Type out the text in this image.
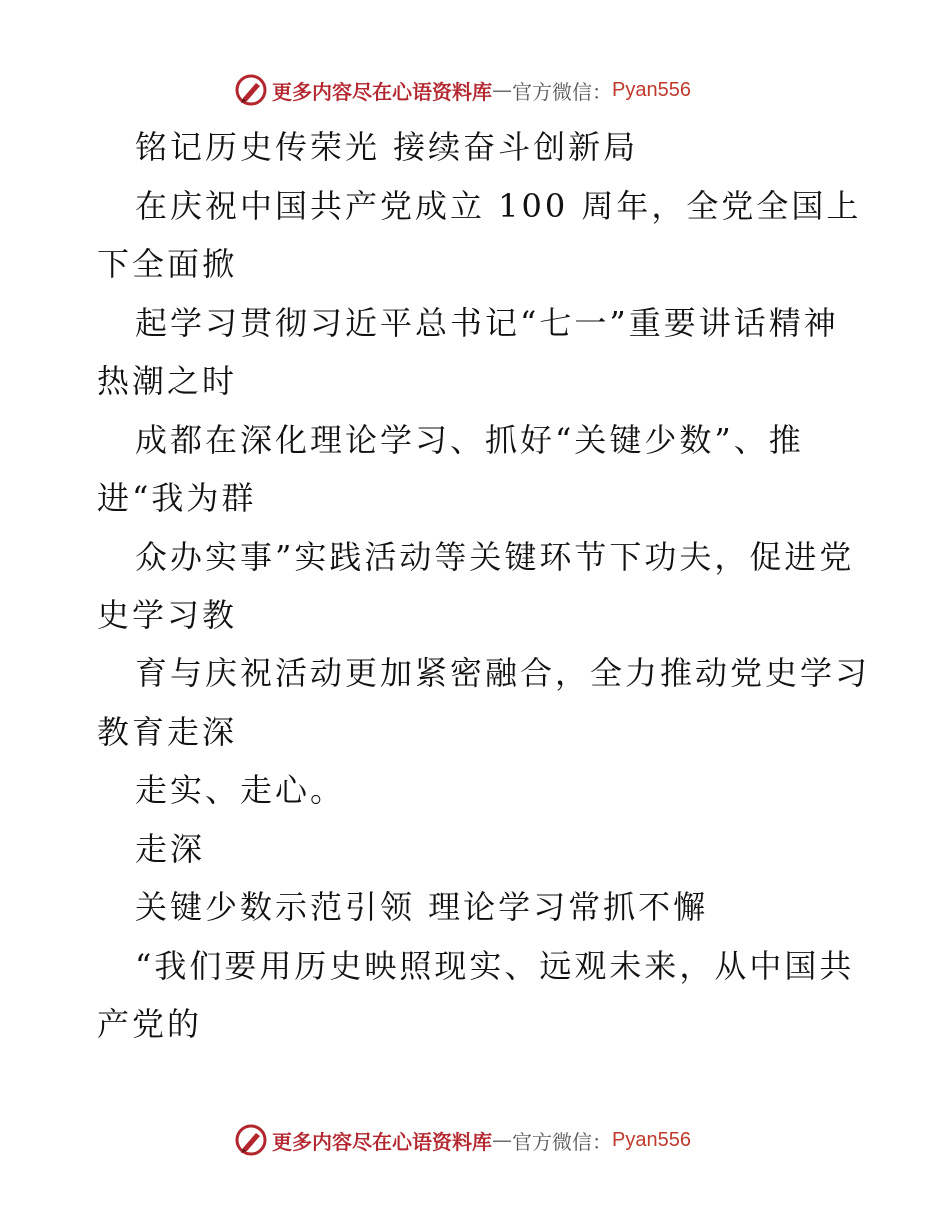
更多内容尽在心语资料库 — 官方微信： Pyan556
铭记历史传荣光 接续奋斗创新局
在庆祝中国共产党成立 100 周年，全党全国上
下全面掀
起学习贯彻习近平总书记“七一”重要讲话精神
热潮之时
成都在深化理论学习、抓好“关键少数”、推
进“我为群
众办实事”实践活动等关键环节下功夫，促进党
史学习教
育与庆祝活动更加紧密融合，全力推动党史学习
教育走深
走实、走心。
走深
关键少数示范引领 理论学习常抓不懈
“我们要用历史映照现实、远观未来，从中国共
产党的
更多内容尽在心语资料库 — 官方微信： Pyan556
